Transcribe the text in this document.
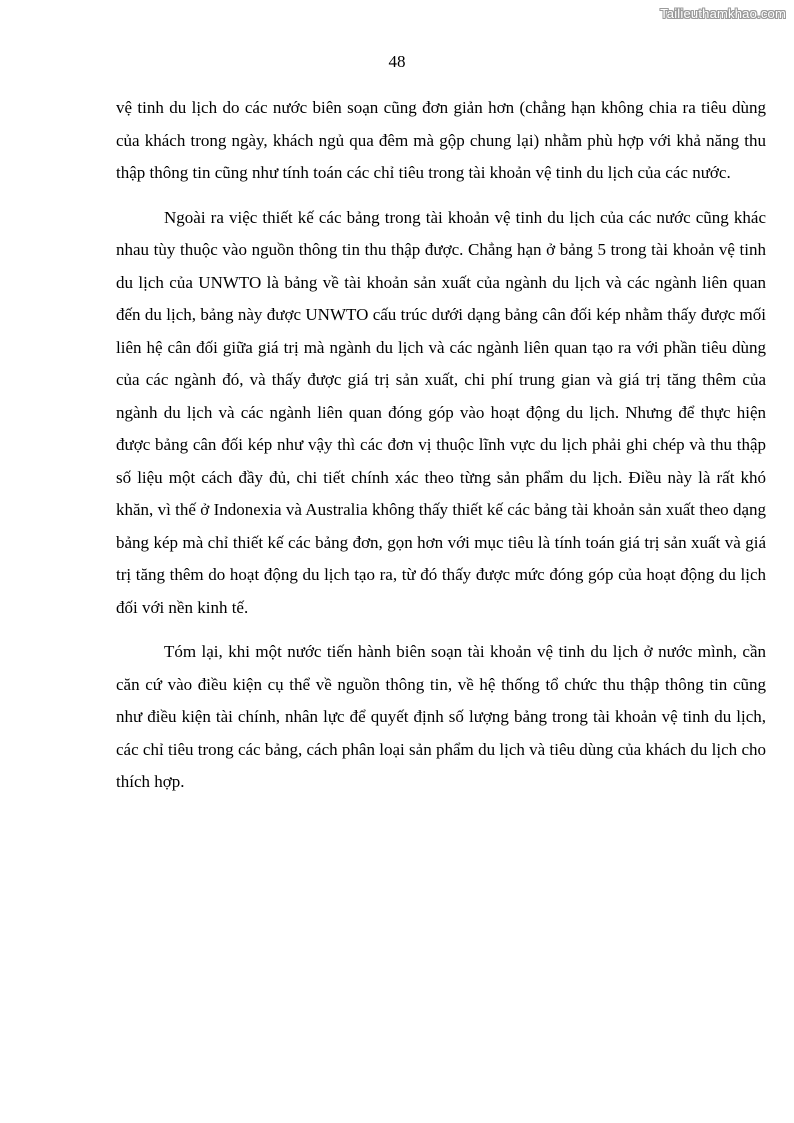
Tailieuthamkhao.com
48

vệ tinh du lịch do các nước biên soạn cũng đơn giản hơn (chẳng hạn không chia ra tiêu dùng của khách trong ngày, khách ngủ qua đêm mà gộp chung lại) nhằm phù hợp với khả năng thu thập thông tin cũng như tính toán các chỉ tiêu trong tài khoản vệ tinh du lịch của các nước.

Ngoài ra việc thiết kế các bảng trong tài khoản vệ tinh du lịch của các nước cũng khác nhau tùy thuộc vào nguồn thông tin thu thập được. Chẳng hạn ở bảng 5 trong tài khoản vệ tinh du lịch của UNWTO là bảng về tài khoản sản xuất của ngành du lịch và các ngành liên quan đến du lịch, bảng này được UNWTO cấu trúc dưới dạng bảng cân đối kép nhằm thấy được mối liên hệ cân đối giữa giá trị mà ngành du lịch và các ngành liên quan tạo ra với phần tiêu dùng của các ngành đó, và thấy được giá trị sản xuất, chi phí trung gian và giá trị tăng thêm của ngành du lịch và các ngành liên quan đóng góp vào hoạt động du lịch. Nhưng để thực hiện được bảng cân đối kép như vậy thì các đơn vị thuộc lĩnh vực du lịch phải ghi chép và thu thập số liệu một cách đầy đủ, chi tiết chính xác theo từng sản phẩm du lịch. Điều này là rất khó khăn, vì thế ở Indonexia và Australia không thấy thiết kế các bảng tài khoản sản xuất theo dạng bảng kép mà chỉ thiết kế các bảng đơn, gọn hơn với mục tiêu là tính toán giá trị sản xuất và giá trị tăng thêm do hoạt động du lịch tạo ra, từ đó thấy được mức đóng góp của hoạt động du lịch đối với nền kinh tế.

Tóm lại, khi một nước tiến hành biên soạn tài khoản vệ tinh du lịch ở nước mình, cần căn cứ vào điều kiện cụ thể về nguồn thông tin, về hệ thống tổ chức thu thập thông tin cũng như điều kiện tài chính, nhân lực để quyết định số lượng bảng trong tài khoản vệ tinh du lịch, các chỉ tiêu trong các bảng, cách phân loại sản phẩm du lịch và tiêu dùng của khách du lịch cho thích hợp.
